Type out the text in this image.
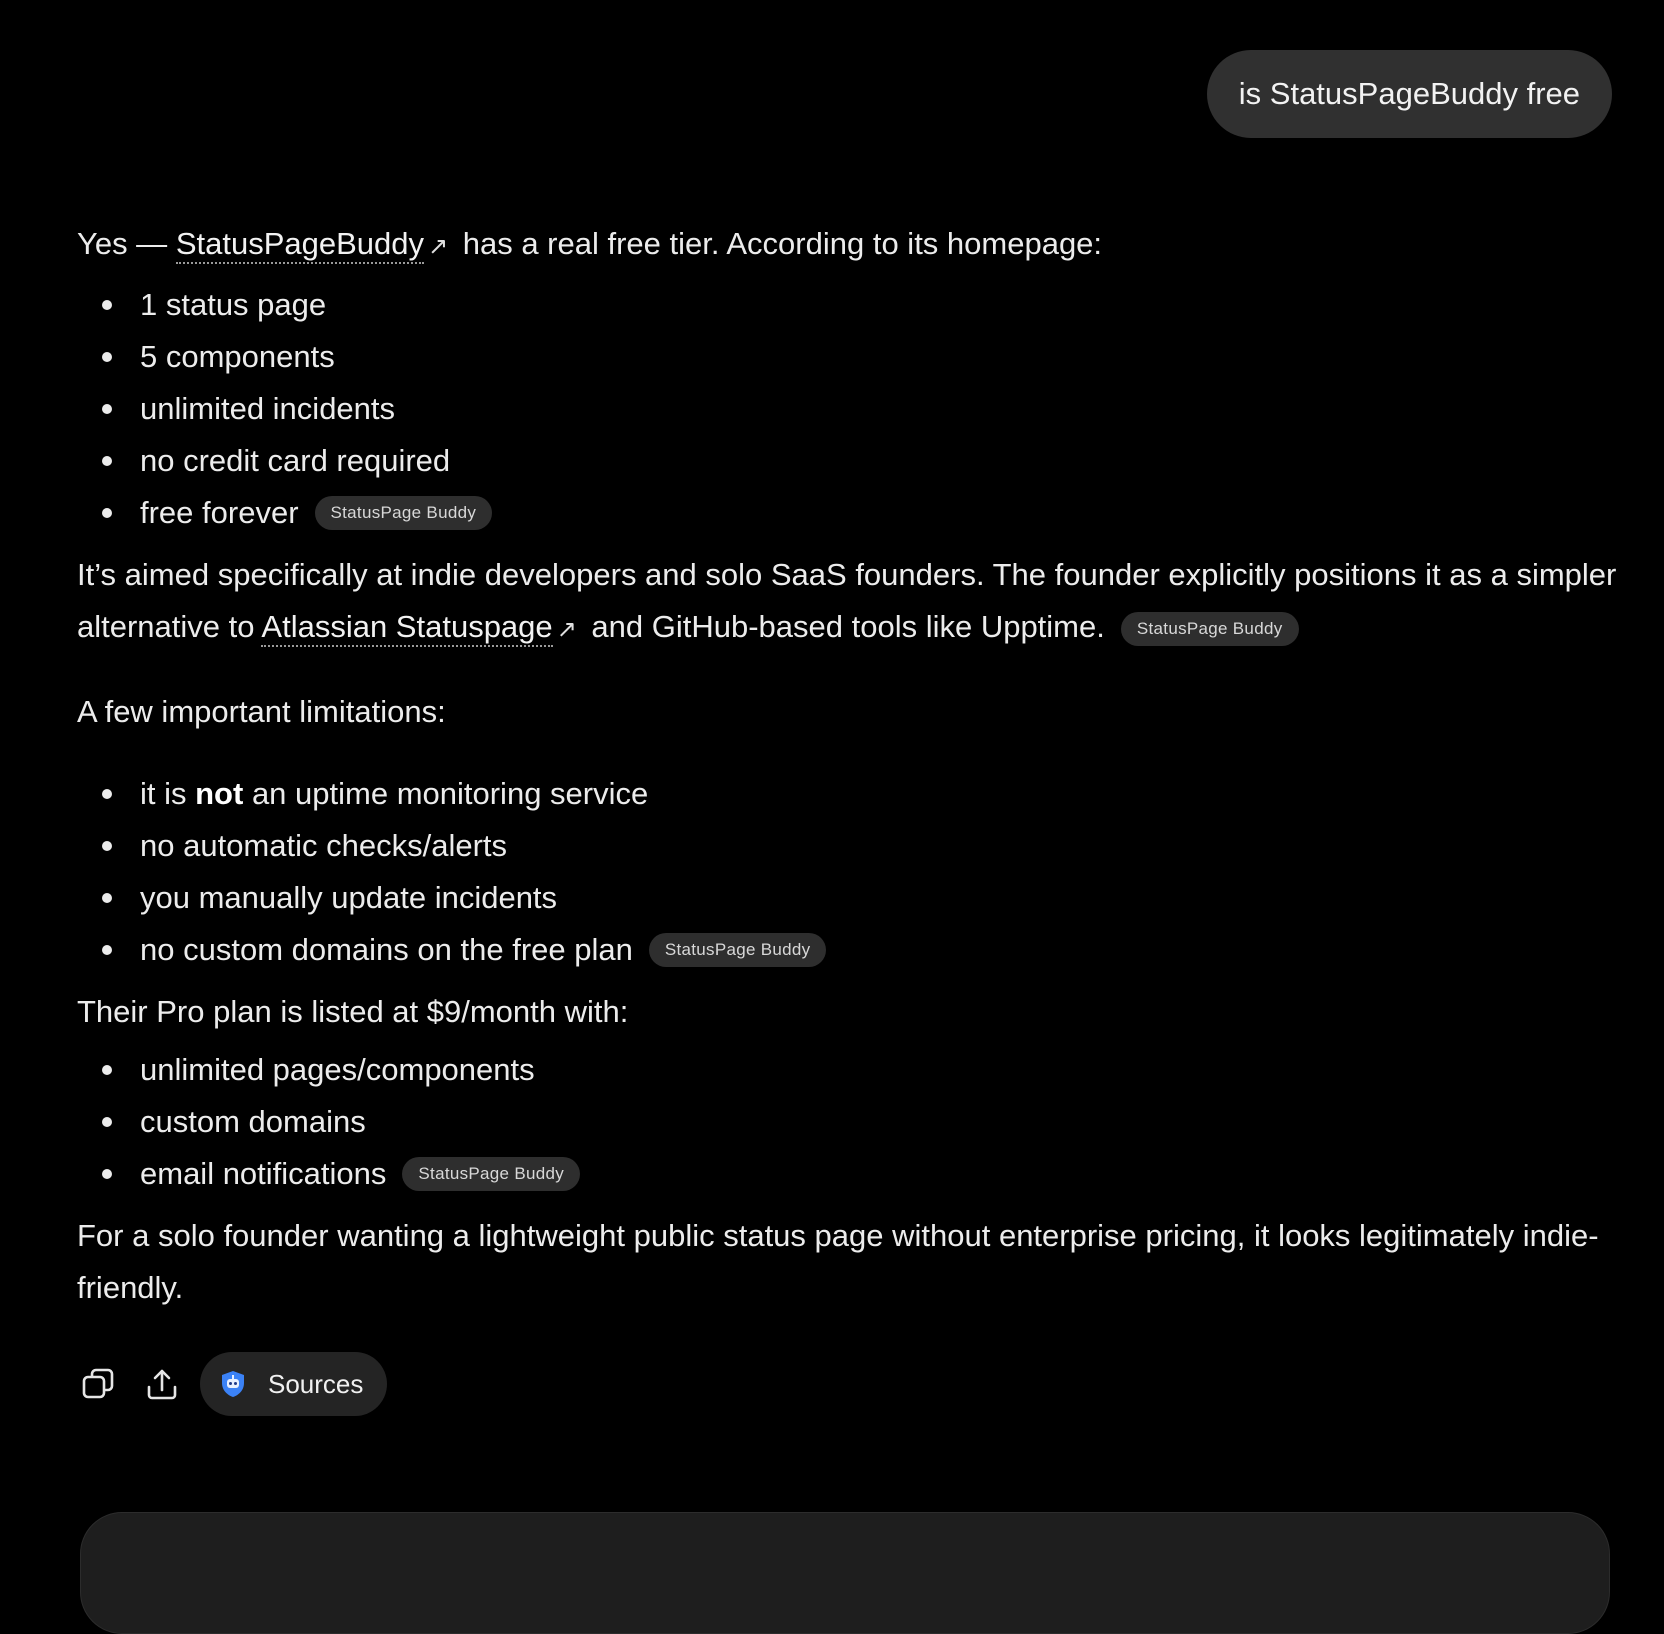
is StatusPageBuddy free

Yes — StatusPageBuddy ↗ has a real free tier. According to its homepage:

1 status page
5 components
unlimited incidents
no credit card required
free forever	StatusPage Buddy

It’s aimed specifically at indie developers and solo SaaS founders. The founder explicitly positions it as a simpler alternative to Atlassian Statuspage ↗ and GitHub-based tools like Upptime. StatusPage Buddy

A few important limitations:

it is not an uptime monitoring service
no automatic checks/alerts
you manually update incidents
no custom domains on the free plan	StatusPage Buddy

Their Pro plan is listed at $9/month with:

unlimited pages/components
custom domains
email notifications	StatusPage Buddy

For a solo founder wanting a lightweight public status page without enterprise pricing, it looks legitimately indie-friendly.

Sources
